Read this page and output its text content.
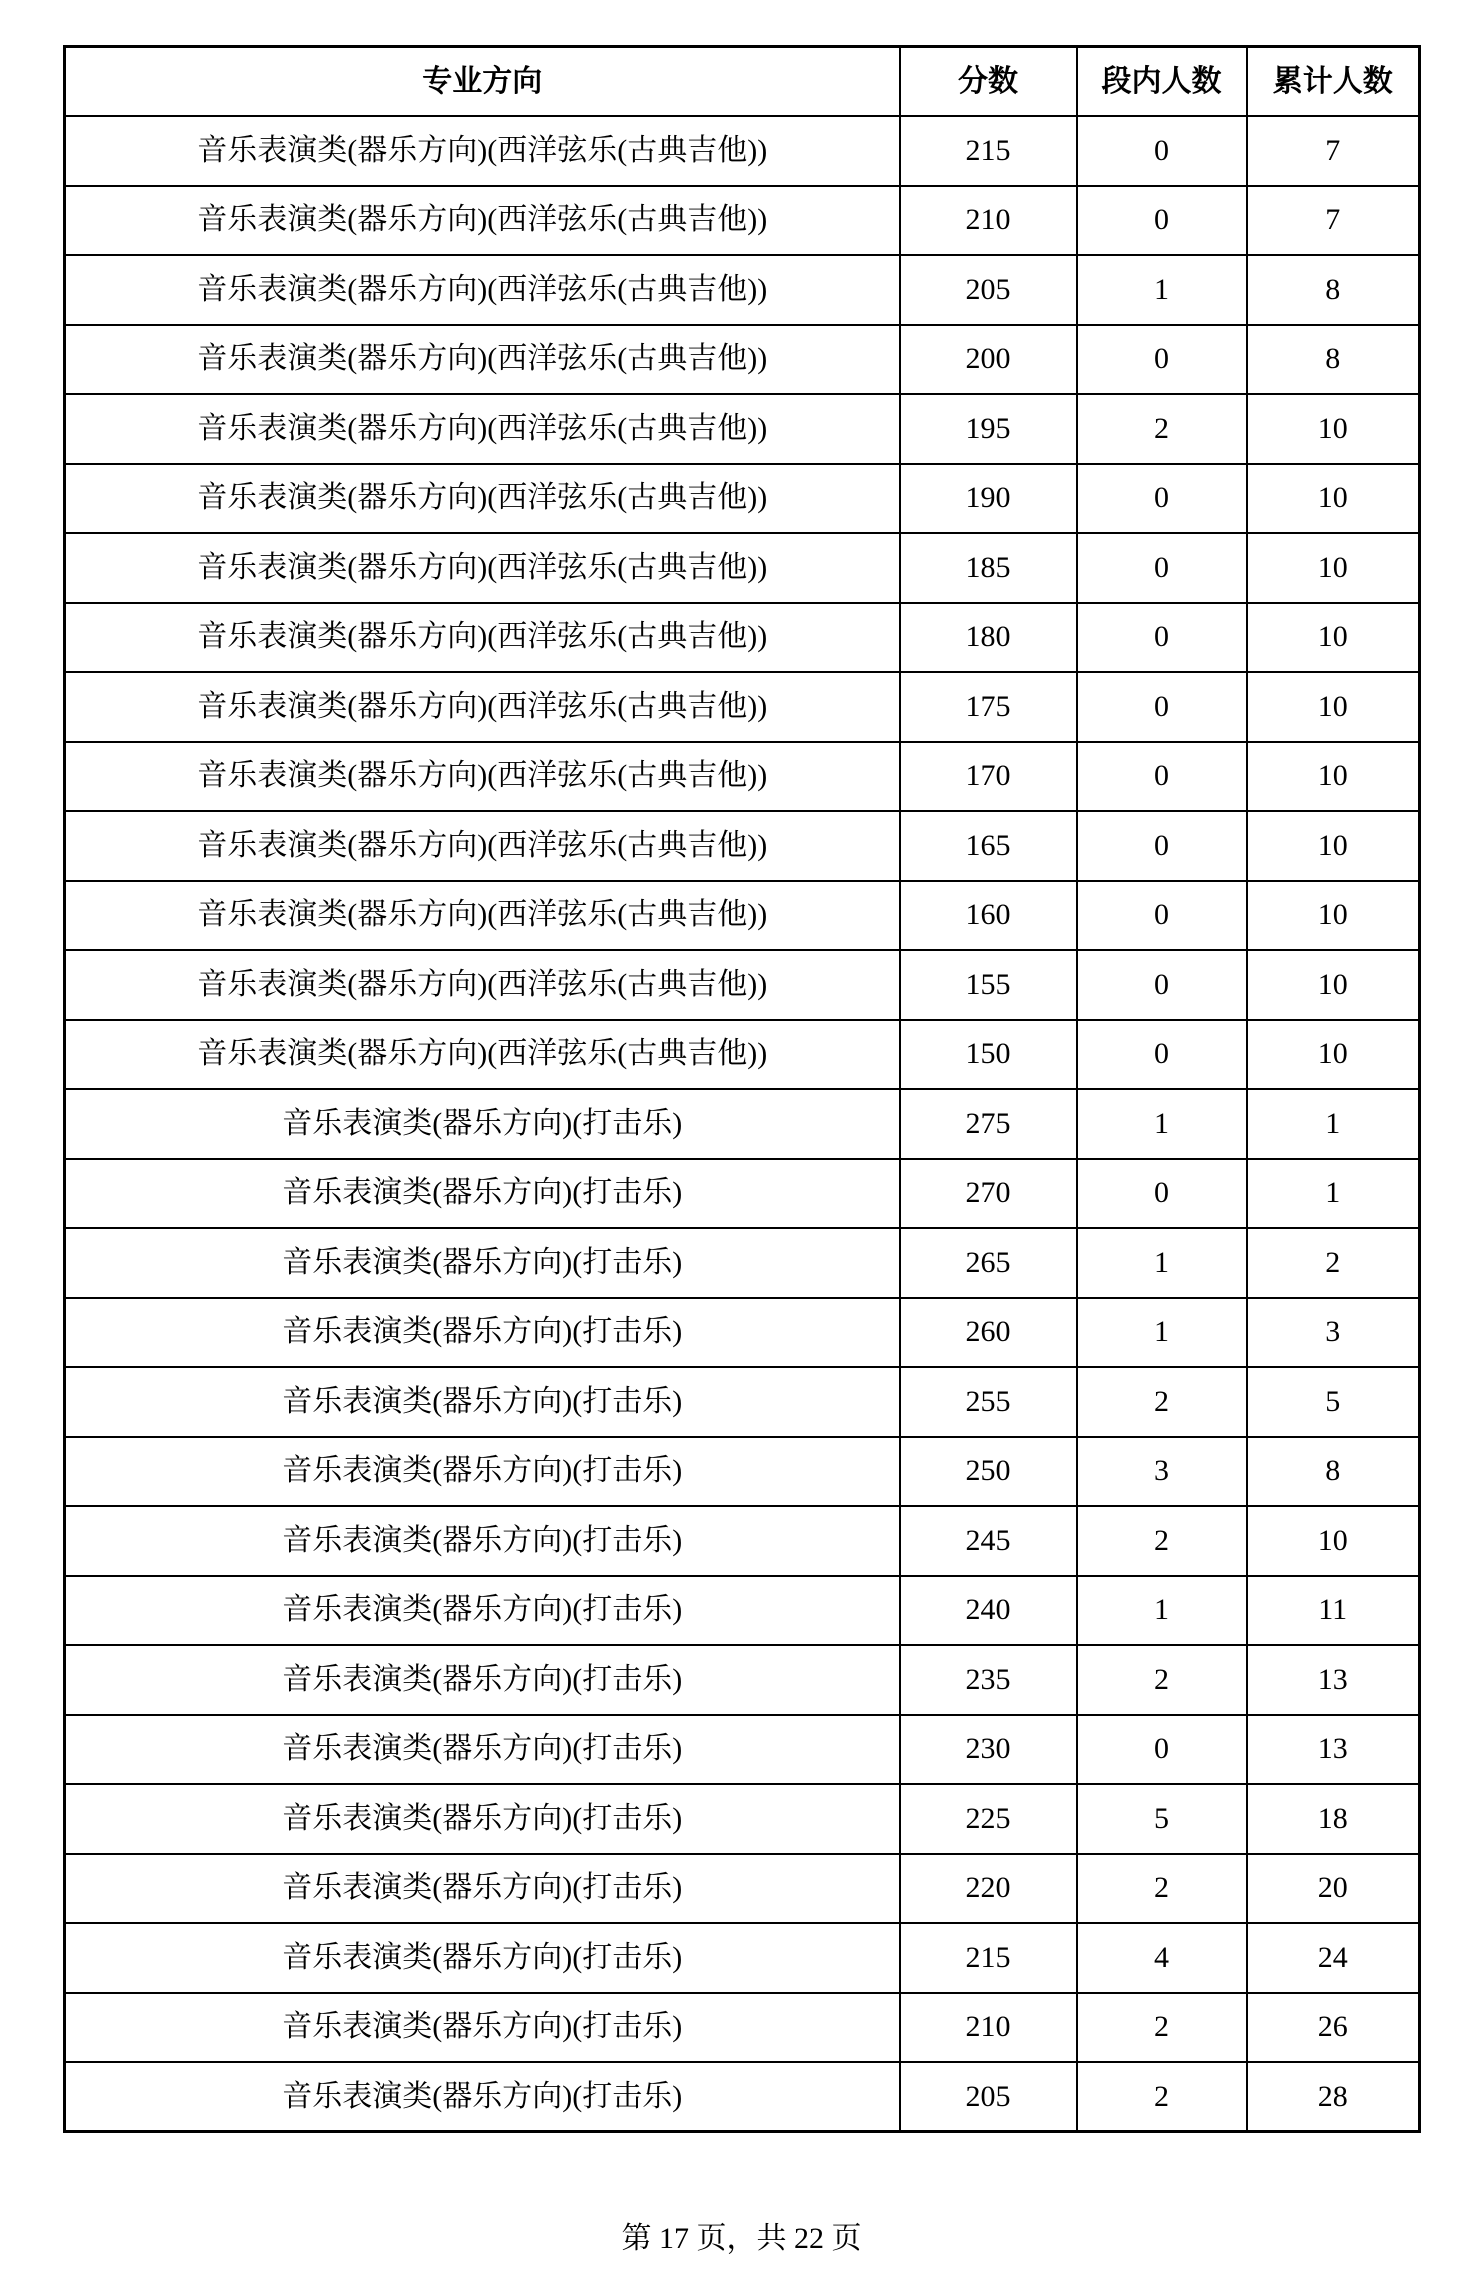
专业方向	分数	段内人数	累计人数
音乐表演类(器乐方向)(西洋弦乐(古典吉他))	215	0	7
音乐表演类(器乐方向)(西洋弦乐(古典吉他))	210	0	7
音乐表演类(器乐方向)(西洋弦乐(古典吉他))	205	1	8
音乐表演类(器乐方向)(西洋弦乐(古典吉他))	200	0	8
音乐表演类(器乐方向)(西洋弦乐(古典吉他))	195	2	10
音乐表演类(器乐方向)(西洋弦乐(古典吉他))	190	0	10
音乐表演类(器乐方向)(西洋弦乐(古典吉他))	185	0	10
音乐表演类(器乐方向)(西洋弦乐(古典吉他))	180	0	10
音乐表演类(器乐方向)(西洋弦乐(古典吉他))	175	0	10
音乐表演类(器乐方向)(西洋弦乐(古典吉他))	170	0	10
音乐表演类(器乐方向)(西洋弦乐(古典吉他))	165	0	10
音乐表演类(器乐方向)(西洋弦乐(古典吉他))	160	0	10
音乐表演类(器乐方向)(西洋弦乐(古典吉他))	155	0	10
音乐表演类(器乐方向)(西洋弦乐(古典吉他))	150	0	10
音乐表演类(器乐方向)(打击乐)	275	1	1
音乐表演类(器乐方向)(打击乐)	270	0	1
音乐表演类(器乐方向)(打击乐)	265	1	2
音乐表演类(器乐方向)(打击乐)	260	1	3
音乐表演类(器乐方向)(打击乐)	255	2	5
音乐表演类(器乐方向)(打击乐)	250	3	8
音乐表演类(器乐方向)(打击乐)	245	2	10
音乐表演类(器乐方向)(打击乐)	240	1	11
音乐表演类(器乐方向)(打击乐)	235	2	13
音乐表演类(器乐方向)(打击乐)	230	0	13
音乐表演类(器乐方向)(打击乐)	225	5	18
音乐表演类(器乐方向)(打击乐)	220	2	20
音乐表演类(器乐方向)(打击乐)	215	4	24
音乐表演类(器乐方向)(打击乐)	210	2	26
音乐表演类(器乐方向)(打击乐)	205	2	28
第 17 页，共 22 页
